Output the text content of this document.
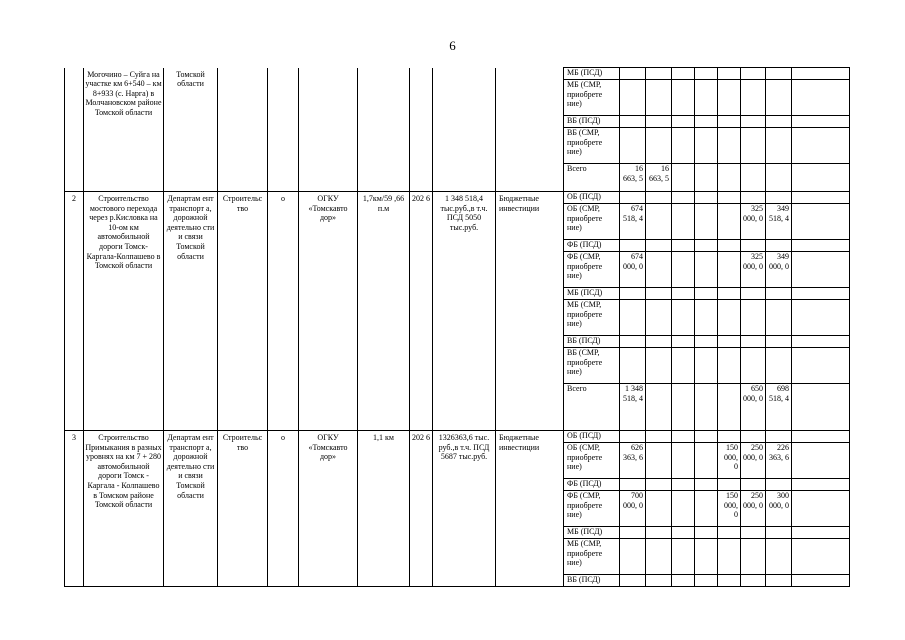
6
	Могочино – Суйга на участке км 6+540 – км 8+933 (с. Нарга) в Молчановском районе Томской области	Томской области								МБ (ПСД)								
										МБ (СМР, приобрете ние)								
										ВБ (ПСД)								
										ВБ (СМР, приобрете ние)								
										Всего	16 663, 5	16 663, 5						
2	Строительство мостового перехода через р.Кисловка на 10-ом км автомобильной дороги Томск-Каргала-Колпашево в Томской области	Департам ент транспорт а, дорожной деятельно сти и связи Томской области	Строительс тво	о	ОГКУ «Томскавто дор»	1,7км/59 ,66 п.м	202 6	1 348 518,4 тыс.руб.,в т.ч. ПСД 5050 тыс.руб.	Бюджетные инвестиции	ОБ (ПСД)								
										ОБ (СМР, приобрете ние)	674 518, 4					325 000, 0	349 518, 4	
										ФБ (ПСД)								
										ФБ (СМР, приобрете ние)	674 000, 0					325 000, 0	349 000, 0	
										МБ (ПСД)								
										МБ (СМР, приобрете ние)								
										ВБ (ПСД)								
										ВБ (СМР, приобрете ние)								
										Всего	1 348 518, 4					650 000, 0	698 518, 4	
3	Строительство Примыкания в разных уровнях на км 7 + 280 автомобильной дороги Томск - Каргала - Колпашево в Томском районе Томской области	Департам ент транспорт а, дорожной деятельно сти и связи Томской области	Строительс тво	о	ОГКУ «Томскавто дор»	1,1 км	202 6	1326363,6 тыс. руб.,в т.ч. ПСД 5687 тыс.руб.	Бюджетные инвестиции	ОБ (ПСД)								
										ОБ (СМР, приобрете ние)	626 363, 6				150 000, 0	250 000, 0	226 363, 6	
										ФБ (ПСД)								
										ФБ (СМР, приобрете ние)	700 000, 0				150 000, 0	250 000, 0	300 000, 0	
										МБ (ПСД)								
										МБ (СМР, приобрете ние)								
										ВБ (ПСД)								
